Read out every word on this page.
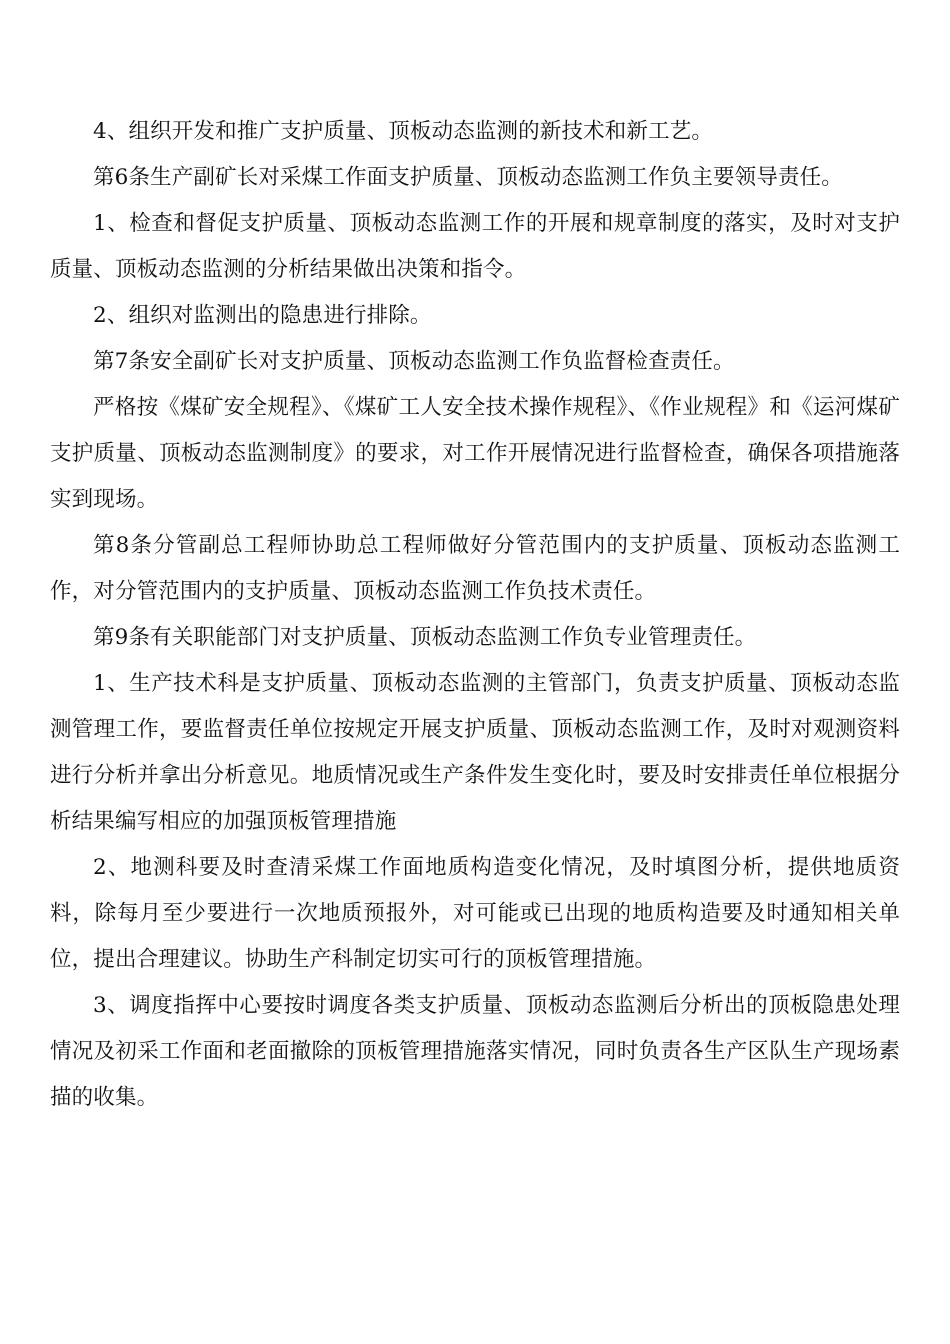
4、组织开发和推广支护质量、顶板动态监测的新技术和新工艺。

第6条生产副矿长对采煤工作面支护质量、顶板动态监测工作负主要领导责任。

1、检查和督促支护质量、顶板动态监测工作的开展和规章制度的落实，及时对支护质量、顶板动态监测的分析结果做出决策和指令。

2、组织对监测出的隐患进行排除。

第7条安全副矿长对支护质量、顶板动态监测工作负监督检查责任。

严格按《煤矿安全规程》、《煤矿工人安全技术操作规程》、《作业规程》和《运河煤矿支护质量、顶板动态监测制度》的要求，对工作开展情况进行监督检查，确保各项措施落实到现场。

第8条分管副总工程师协助总工程师做好分管范围内的支护质量、顶板动态监测工作，对分管范围内的支护质量、顶板动态监测工作负技术责任。

第9条有关职能部门对支护质量、顶板动态监测工作负专业管理责任。

1、生产技术科是支护质量、顶板动态监测的主管部门，负责支护质量、顶板动态监测管理工作，要监督责任单位按规定开展支护质量、顶板动态监测工作，及时对观测资料进行分析并拿出分析意见。地质情况或生产条件发生变化时，要及时安排责任单位根据分析结果编写相应的加强顶板管理措施

2、地测科要及时查清采煤工作面地质构造变化情况，及时填图分析，提供地质资料，除每月至少要进行一次地质预报外，对可能或已出现的地质构造要及时通知相关单位，提出合理建议。协助生产科制定切实可行的顶板管理措施。

3、调度指挥中心要按时调度各类支护质量、顶板动态监测后分析出的顶板隐患处理情况及初采工作面和老面撤除的顶板管理措施落实情况，同时负责各生产区队生产现场素描的收集。
